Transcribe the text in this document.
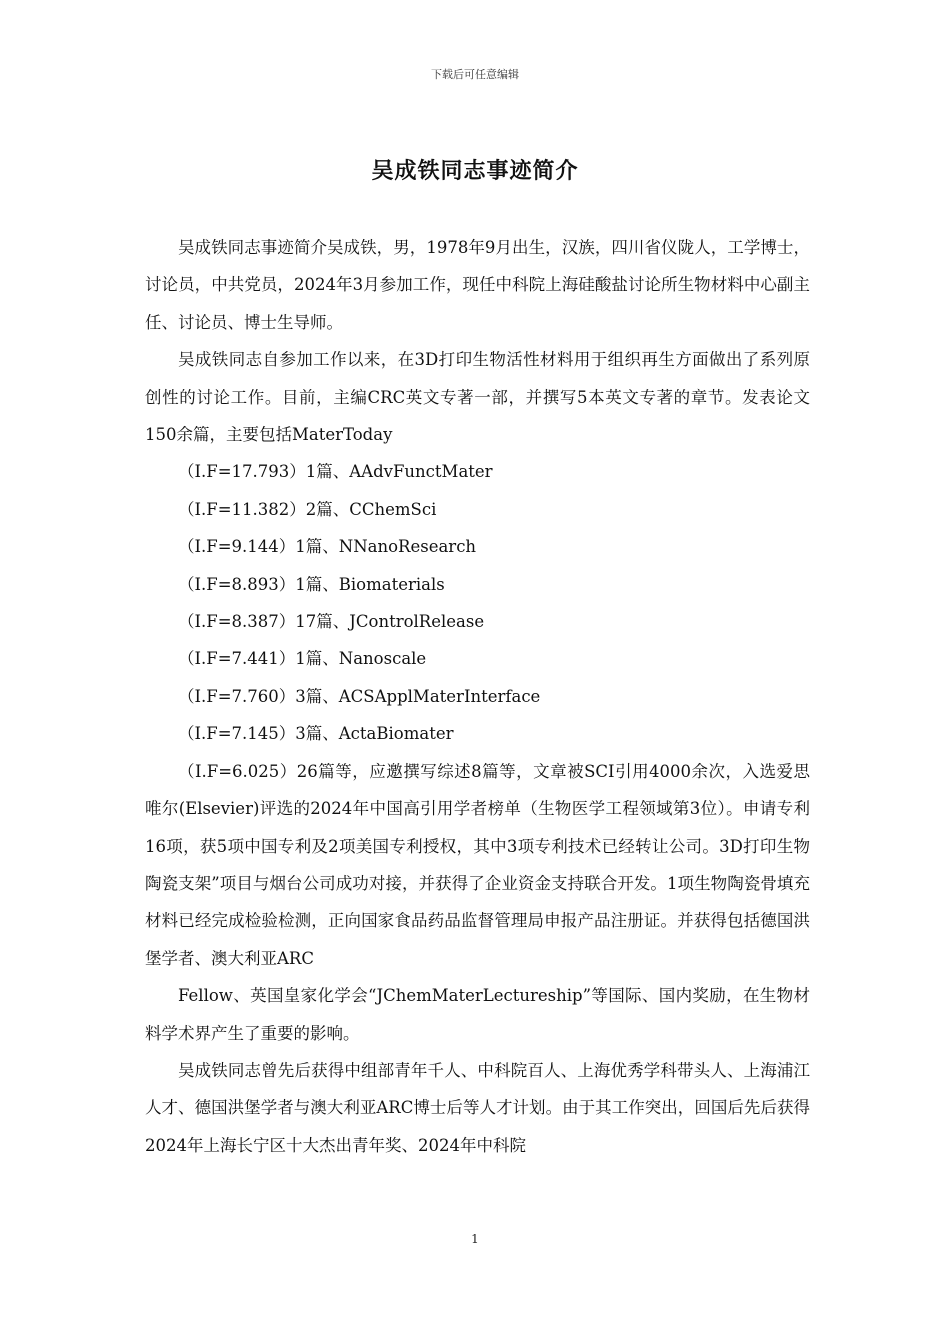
下载后可任意编辑
吴成铁同志事迹简介

吴成铁同志事迹简介吴成铁，男，1978年9月出生，汉族，四川省仪陇人，工学博士，讨论员，中共党员，2024年3月参加工作，现任中科院上海硅酸盐讨论所生物材料中心副主任、讨论员、博士生导师。

吴成铁同志自参加工作以来，在3D打印生物活性材料用于组织再生方面做出了系列原创性的讨论工作。目前，主编CRC英文专著一部，并撰写5本英文专著的章节。发表论文150余篇，主要包括MaterToday

（I.F=17.793）1篇、AAdvFunctMater
（I.F=11.382）2篇、CChemSci
（I.F=9.144）1篇、NNanoResearch
（I.F=8.893）1篇、Biomaterials
（I.F=8.387）17篇、JControlRelease
（I.F=7.441）1篇、Nanoscale
（I.F=7.760）3篇、ACSApplMaterInterface
（I.F=7.145）3篇、ActaBiomater

（I.F=6.025）26篇等，应邀撰写综述8篇等，文章被SCI引用4000余次，入选爱思唯尔(Elsevier)评选的2024年中国高引用学者榜单（生物医学工程领域第3位）。申请专利16项，获5项中国专利及2项美国专利授权，其中3项专利技术已经转让公司。3D打印生物陶瓷支架”项目与烟台公司成功对接，并获得了企业资金支持联合开发。1项生物陶瓷骨填充材料已经完成检验检测，正向国家食品药品监督管理局申报产品注册证。并获得包括德国洪堡学者、澳大利亚ARC

Fellow、英国皇家化学会“JChemMaterLectureship”等国际、国内奖励，在生物材料学术界产生了重要的影响。

吴成铁同志曾先后获得中组部青年千人、中科院百人、上海优秀学科带头人、上海浦江人才、德国洪堡学者与澳大利亚ARC博士后等人才计划。由于其工作突出，回国后先后获得2024年上海长宁区十大杰出青年奖、2024年中科院

1
